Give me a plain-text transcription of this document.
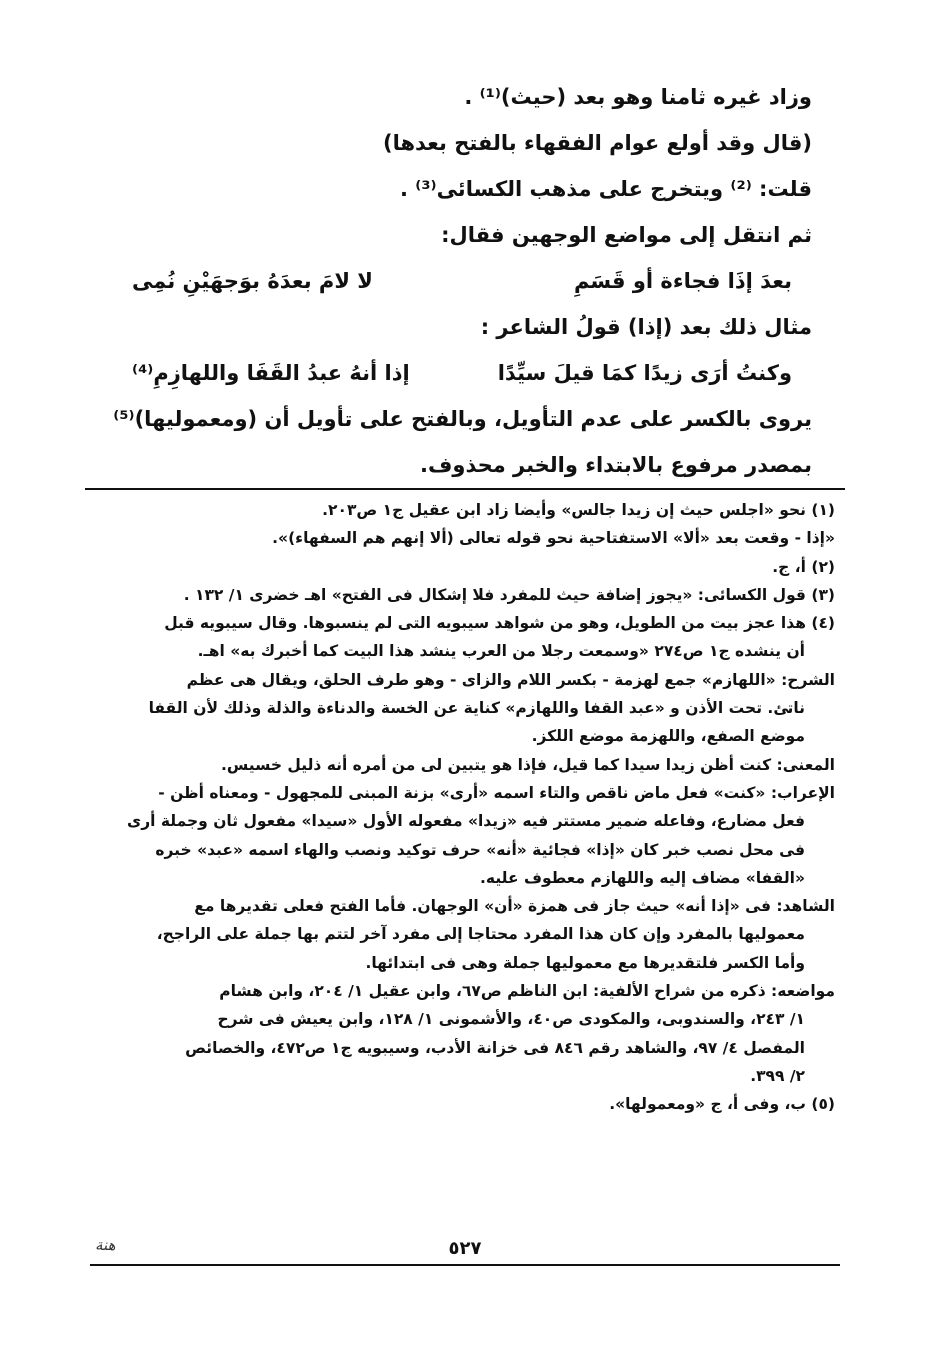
وزاد غيره ثامنا وهو بعد (حيث)⁽¹⁾ .
(قال وقد أولع عوام الفقهاء بالفتح بعدها)
قلت: ⁽²⁾ ويتخرج على مذهب الكسائى⁽³⁾ .
ثم انتقل إلى مواضع الوجهين فقال:
بعدَ إذَا فجاءة أو قَسَمِ
لا لامَ بعدَهُ بوَجهَيْنِ نُمِى
مثال ذلك بعد (إذا) قولُ الشاعر :
وكنتُ أرَى زيدًا كمَا قيلَ سيِّدًا
إذا أنهُ عبدُ القَفَا واللهازِمِ⁽⁴⁾
يروى بالكسر على عدم التأويل، وبالفتح على تأويل أن (ومعموليها)⁽⁵⁾
بمصدر مرفوع بالابتداء والخبر محذوف.
(١) نحو «اجلس حيث إن زيدا جالس» وأيضا زاد ابن عقيل ج١ ص٢٠٣.
«إذا - وقعت بعد «ألا» الاستفتاحية نحو قوله تعالى (ألا إنهم هم السفهاء)».
(٢) أ، ج.
(٣) قول الكسائى: «يجوز إضافة حيث للمفرد فلا إشكال فى الفتح» اهـ خضرى ١/ ١٣٢ .
(٤) هذا عجز بيت من الطويل، وهو من شواهد سيبويه التى لم ينسبوها. وقال سيبويه قبل
أن ينشده ج١ ص٢٧٤ «وسمعت رجلا من العرب ينشد هذا البيت كما أخبرك به» اهـ.
الشرح: «اللهازم» جمع لهزمة - بكسر اللام والزاى - وهو طرف الحلق، ويقال هى عظم
ناتئ. تحت الأذن و «عبد القفا واللهازم» كناية عن الخسة والدناءة والذلة وذلك لأن القفا
موضع الصفع، واللهزمة موضع اللكز.
المعنى: كنت أظن زيدا سيدا كما قيل، فإذا هو يتبين لى من أمره أنه ذليل خسيس.
الإعراب: «كنت» فعل ماض ناقص والتاء اسمه «أرى» بزنة المبنى للمجهول - ومعناه أظن -
فعل مضارع، وفاعله ضمير مستتر فيه «زيدا» مفعوله الأول «سيدا» مفعول ثان وجملة أرى
فى محل نصب خبر كان «إذا» فجائية «أنه» حرف توكيد ونصب والهاء اسمه «عبد» خبره
«القفا» مضاف إليه واللهازم معطوف عليه.
الشاهد: فى «إذا أنه» حيث جاز فى همزة «أن» الوجهان. فأما الفتح فعلى تقديرها مع
معموليها بالمفرد وإن كان هذا المفرد محتاجا إلى مفرد آخر لتتم بها جملة على الراجح،
وأما الكسر فلتقديرها مع معموليها جملة وهى فى ابتدائها.
مواضعه: ذكره من شراح الألفية: ابن الناظم ص٦٧، وابن عقيل ١/ ٢٠٤، وابن هشام
١/ ٢٤٣، والسندوبى، والمكودى ص٤٠، والأشمونى ١/ ١٢٨، وابن يعيش فى شرح
المفصل ٤/ ٩٧، والشاهد رقم ٨٤٦ فى خزانة الأدب، وسيبويه ج١ ص٤٧٢، والخصائص
٢/ ٣٩٩.
(٥) ب، وفى أ، ج «ومعمولها».
٥٢٧
ﻫﻨﺔ
